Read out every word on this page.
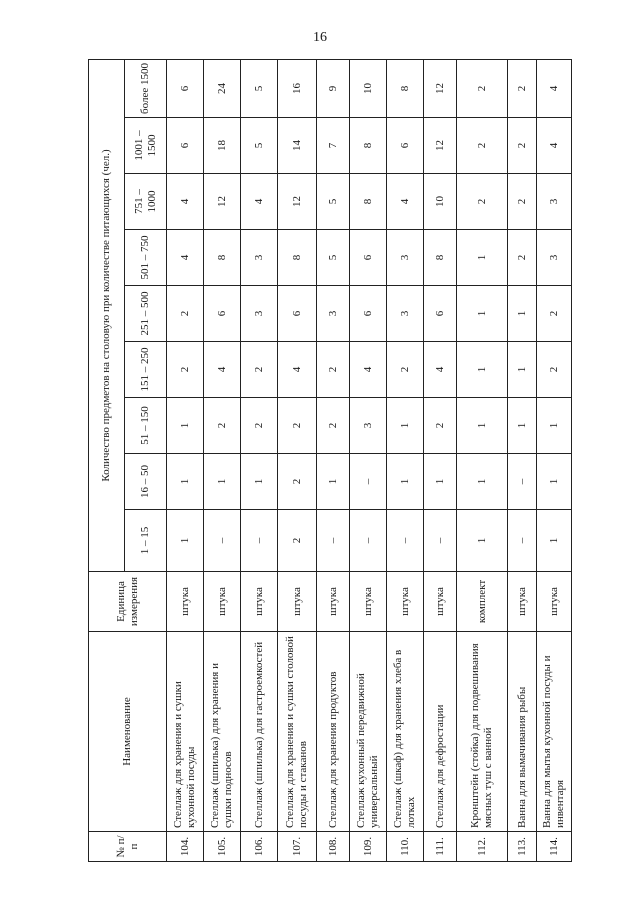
16
№ п/п	Наименование	Единица измерения	Количество предметов на столовую при количестве питающихся (чел.)								
			1 – 15	16 – 50	51 – 150	151 – 250	251 – 500	501 – 750	751 – 1000	1001 – 1500	более 1500
104.	Стеллаж для хранения и сушки кухонной посуды	штука	1	1	1	2	2	4	4	6	6
105.	Стеллаж (шпилька) для хранения и сушки подносов	штука	–	1	2	4	6	8	12	18	24
106.	Стеллаж (шпилька) для гастроемкостей	штука	–	1	2	2	3	3	4	5	5
107.	Стеллаж для хранения и сушки столовой посуды и стаканов	штука	2	2	2	4	6	8	12	14	16
108.	Стеллаж для хранения продуктов	штука	–	1	2	2	3	5	5	7	9
109.	Стеллаж кухонный передвижной универсальный	штука	–	–	3	4	6	6	8	8	10
110.	Стеллаж (шкаф) для хранения хлеба в лотках	штука	–	1	1	2	3	3	4	6	8
111.	Стеллаж для дефростации	штука	–	1	2	4	6	8	10	12	12
112.	Кронштейн (стойка) для подвешивания мясных туш с ванной	комплект	1	1	1	1	1	1	2	2	2
113.	Ванна для вымачивания рыбы	штука	–	–	1	1	1	2	2	2	2
114.	Ванна для мытья кухонной посуды и инвентаря	штука	1	1	1	2	2	3	3	4	4
